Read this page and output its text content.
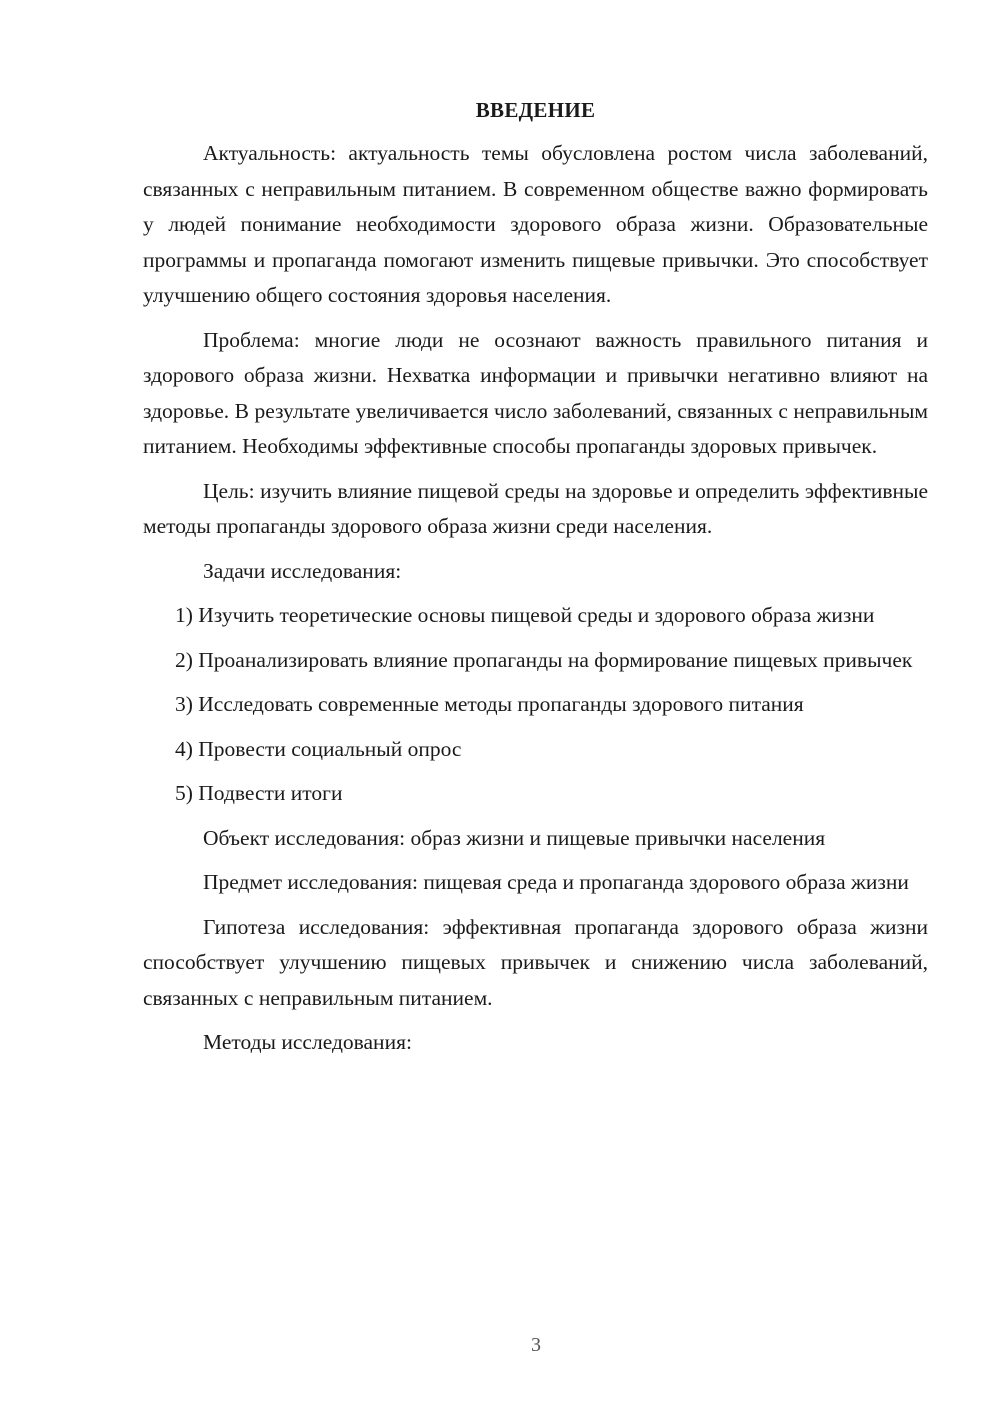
ВВЕДЕНИЕ

Актуальность: актуальность темы обусловлена ростом числа заболеваний, связанных с неправильным питанием. В современном обществе важно формировать у людей понимание необходимости здорового образа жизни. Образовательные программы и пропаганда помогают изменить пищевые привычки. Это способствует улучшению общего состояния здоровья населения.

Проблема: многие люди не осознают важность правильного питания и здорового образа жизни. Нехватка информации и привычки негативно влияют на здоровье. В результате увеличивается число заболеваний, связанных с неправильным питанием. Необходимы эффективные способы пропаганды здоровых привычек.

Цель: изучить влияние пищевой среды на здоровье и определить эффективные методы пропаганды здорового образа жизни среди населения.

Задачи исследования:

1) Изучить теоретические основы пищевой среды и здорового образа жизни

2) Проанализировать влияние пропаганды на формирование пищевых привычек

3) Исследовать современные методы пропаганды здорового питания

4) Провести социальный опрос

5) Подвести итоги

Объект исследования: образ жизни и пищевые привычки населения

Предмет исследования: пищевая среда и пропаганда здорового образа жизни

Гипотеза исследования: эффективная пропаганда здорового образа жизни способствует улучшению пищевых привычек и снижению числа заболеваний, связанных с неправильным питанием.

Методы исследования:

3
